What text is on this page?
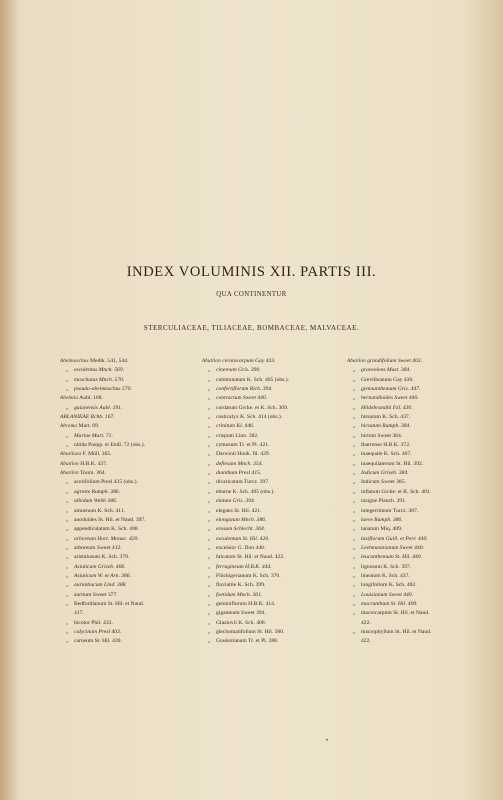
INDEX VOLUMINIS XII. PARTIS III.
QUA CONTINENTUR
STERCULIACEAE, TILIACEAE, BOMBACEAE, MALVACEAE.
Abelmoschus Medik. 541, 544.
„ esculentus Mnch. 569.
„ moschatus Mnch. 570.
„ pseudo-abelmoschus 570.
Abelmia Aubl. 168.
„ guianensis Aubl. 191.
ABLANIEAE Rchb. 167.
Abroma Mart. 69.
„ Mariae Mart. 71.
„ nitida Poepp. et Endl. 72 (obs.).
Abutilaea F. Müll. 365.
Abutilon H.B.K. 437.
Abutilon Tourn. 364.
„ acerifolium Presl 435 (obs.).
„ agreste Rumph. 386.
„ albidum Webb 386.
„ amoenum K. Sch. 411.
„ anodoides St. Hil. et Naud. 397.
„ appendiculatum K. Sch. 408.
„ arboreum Hort. Monac. 420.
„ arboreum Sweet 412.
„ aristulosum K. Sch. 379.
„ Asiaticum Griseb. 406.
„ Asiaticum W. et Arn. 386.
„ aurantiacum Lind. 388.
„ auritum Sweet 377.
„ Bedfordianum St. Hil. et Naud.
417.
„ bicolor Phil. 433.
„ calycinum Presl 403.
„ carneum St. Hil. 420.
Abutilon ceratocarpum Gay 433.
„ cinereum Gris. 390.
„ commutatum K. Sch. 405 (obs.).
„ confertiflorum Rich. 394.
„ contractum Sweet 440.
„ cordatum Grcke. et K. Sch. 369.
„ costicalyx K. Sch. 414 (obs.).
„ crinitum Kl. 446.
„ crispum Linn. 382.
„ cymosum Tr. et Pl. 421.
„ Darwinii Hook. fil. 429.
„ deflexum Mnch. 354.
„ dianthum Presl 415.
„ divaricatum Turcz. 397.
„ eburne K. Sch. 405 (obs.).
„ elatum Gris. 394.
„ elegans St. Hil. 421.
„ elongatum Mnch. 386.
„ erosum Schlecht. 364.
„ esculentum St. Hil. 420.
„ excelsior G. Don 440.
„ falcatum St. Hil. et Naud. 422.
„ ferrugineum H.B.K. 444.
„ Flückigerianum K. Sch. 370.
„ fluviatile K. Sch. 399.
„ foetidum Mnch. 361.
„ geminiflorum H.B.K. 414.
„ giganteum Sweet 394.
„ Glaziovii K. Sch. 408.
„ glechomatifolium St. Hil. 380.
„ Gouôotianum Tr. et Pl. 388.
Abutilon grandifolium Sweet 403.
„ graveolens Mast. 384.
„ Grevilleanum Gay 436.
„ gymnanthemum Gris. 447.
„ hernandioides Sweet 440.
„ Hildebrandtii Fzl. 430.
„ hirsutum K. Sch. 437.
„ hirsutum Rumph. 384.
„ hirtum Sweet 384.
„ Ibarrense H.B.K. 372.
„ inaequale K. Sch. 407.
„ inaequilaterum St. Hil. 392.
„ Indicum Griseb. 384.
„ Indicum Sweet 385.
„ inflatum Grcke. et K. Sch. 401.
„ insigne Planch. 391.
„ integerrimum Turcz. 387.
„ laeve Rumph. 386.
„ lanatum Miq. 409.
„ laxiflorum Guill. et Perr. 440.
„ Leehmannianum Sweet 440.
„ leucanthemum St. Hil. 440.
„ lignosum K. Sch. 397.
„ lineatum K. Sch. 437.
„ longifolium K. Sch. 402.
„ Louisianum Sweet 440.
„ macranthum St. Hil. 409.
„ macrocarpum St. Hil. et Naud.
422.
„ macrophyllum St. Hil. et Naud.
422.
▾
